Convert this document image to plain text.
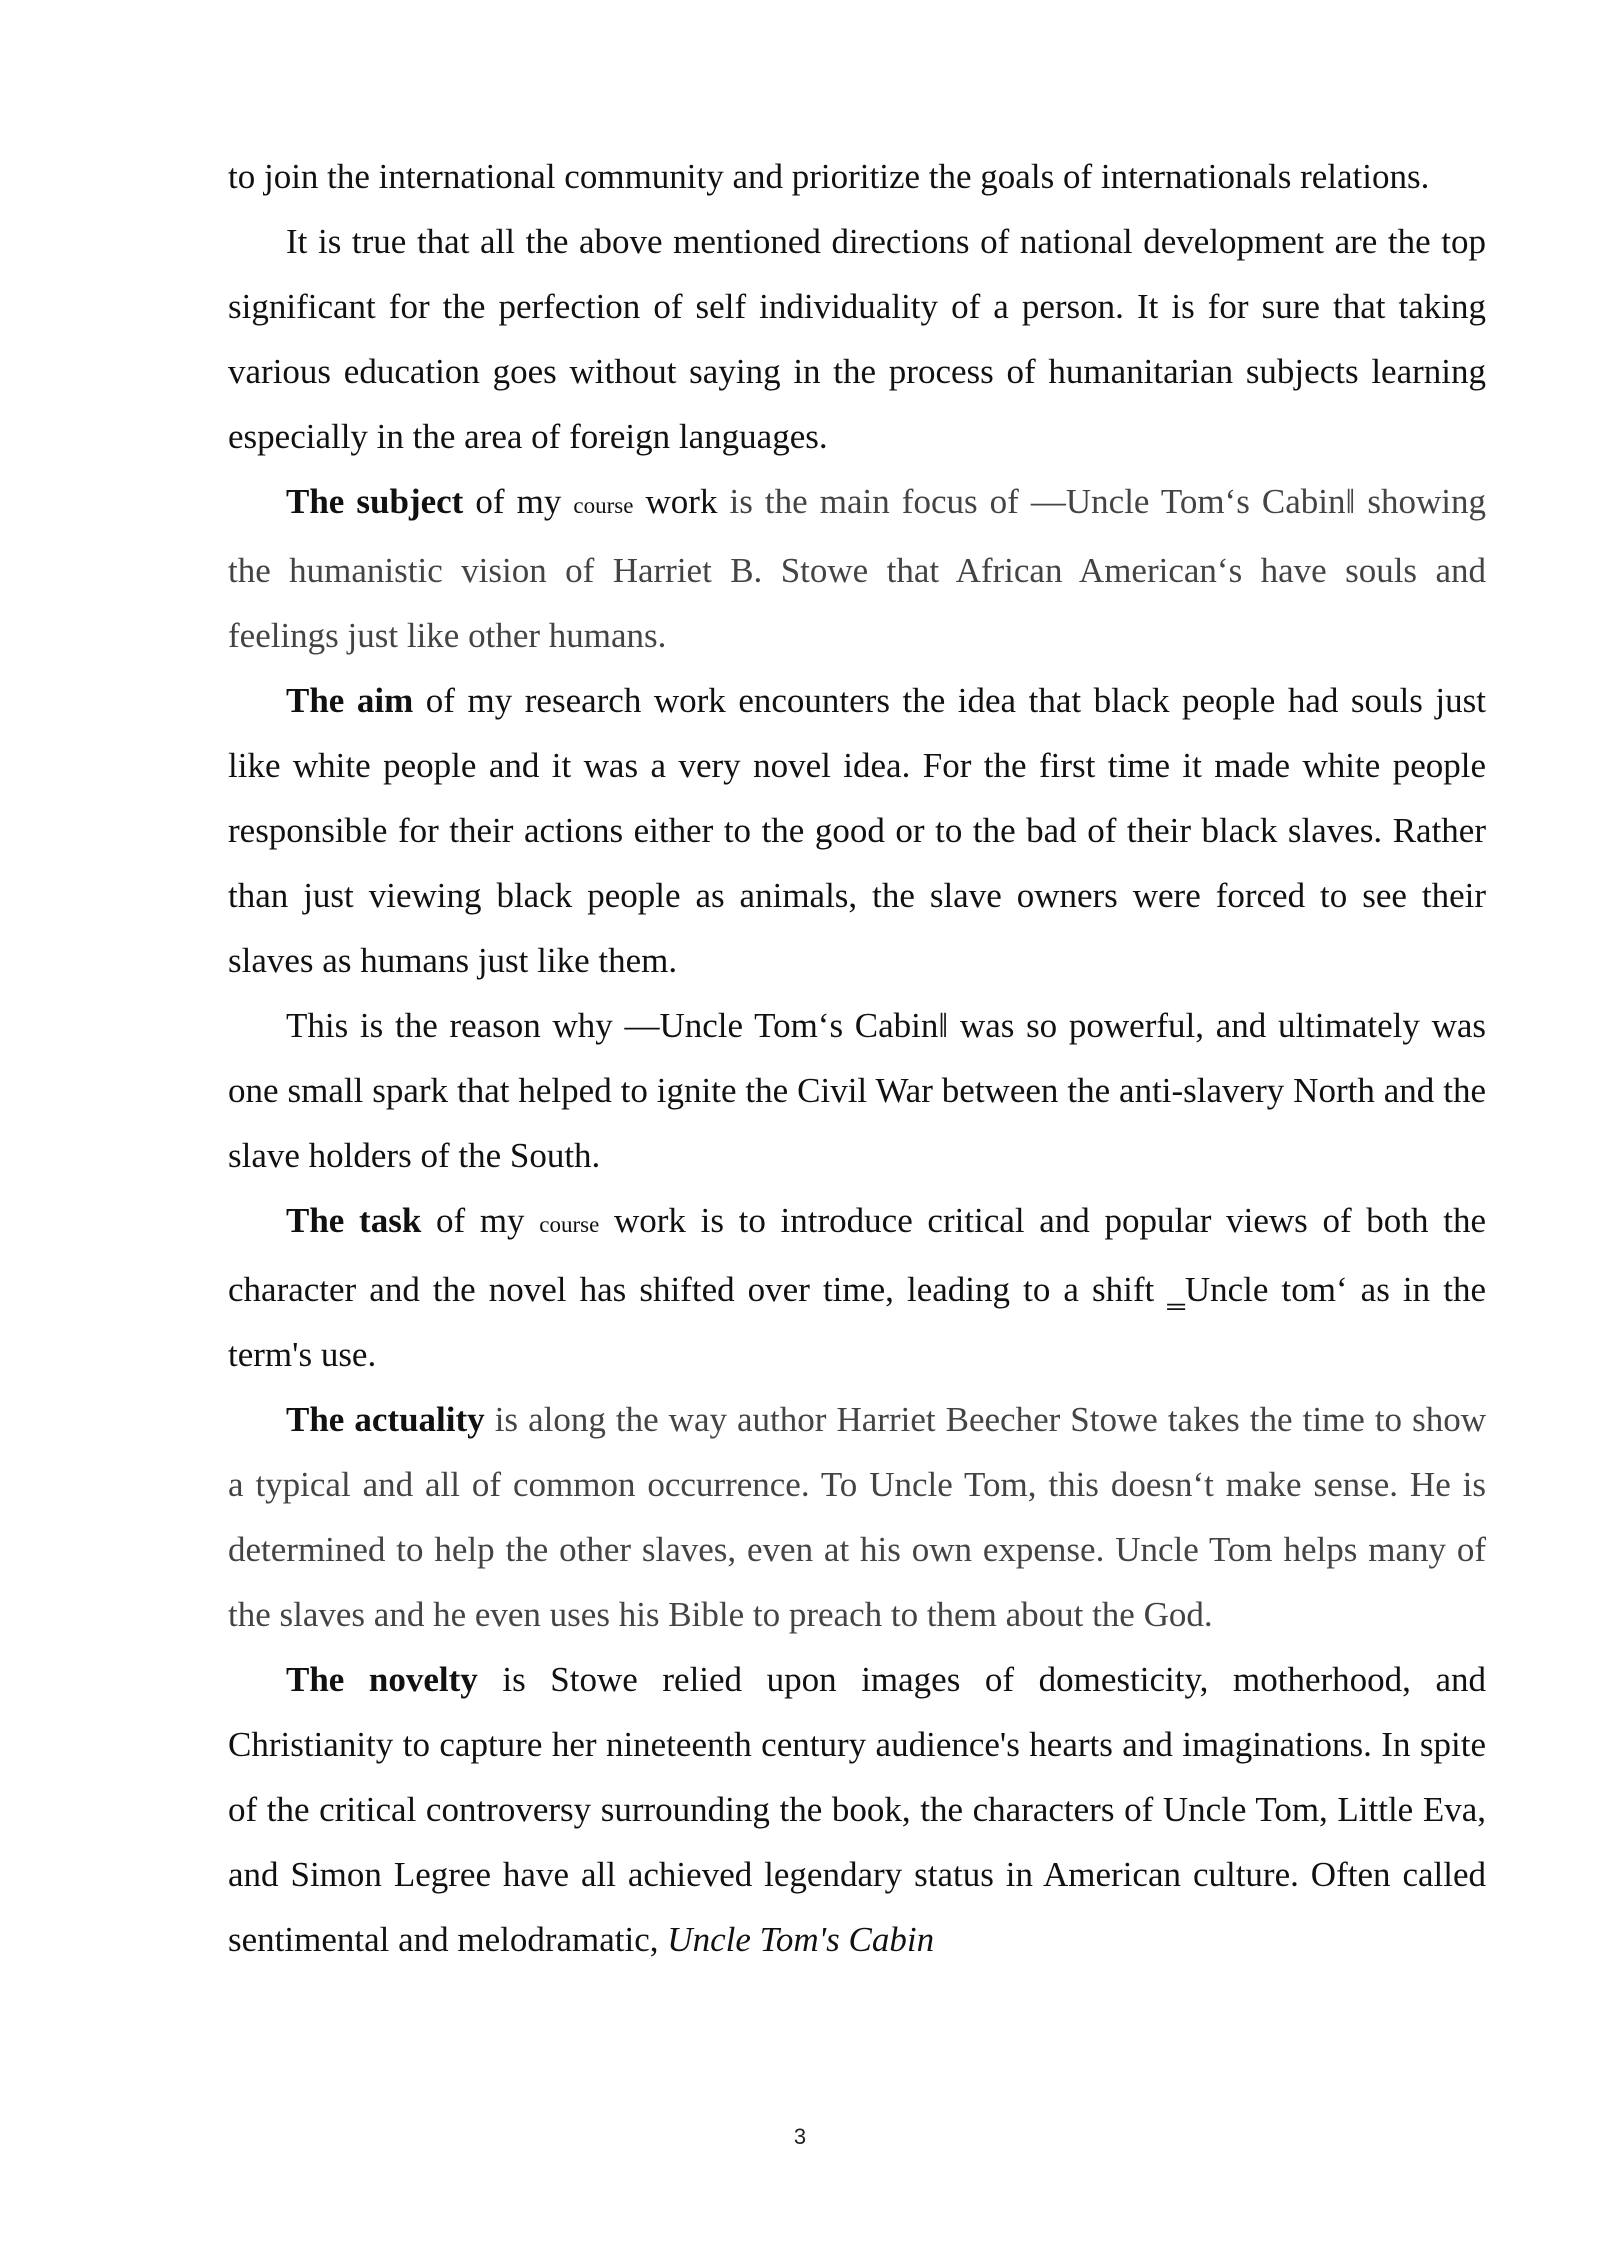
to join the international community and prioritize the goals of internationals relations.

It is true that all the above mentioned directions of national development are the top significant for the perfection of self individuality of a person. It is for sure that taking various education goes without saying in the process of humanitarian subjects learning especially in the area of foreign languages.

The subject of my course work is the main focus of —Uncle Tom‘s Cabin‖ showing the humanistic vision of Harriet B. Stowe that African American‘s have souls and feelings just like other humans.

The aim of my research work encounters the idea that black people had souls just like white people and it was a very novel idea. For the first time it made white people responsible for their actions either to the good or to the bad of their black slaves. Rather than just viewing black people as animals, the slave owners were forced to see their slaves as humans just like them.

This is the reason why —Uncle Tom‘s Cabin‖ was so powerful, and ultimately was one small spark that helped to ignite the Civil War between the anti-slavery North and the slave holders of the South.

The task of my course work is to introduce critical and popular views of both the character and the novel has shifted over time, leading to a shift ‗Uncle tom‘ as in the term's use.

The actuality is along the way author Harriet Beecher Stowe takes the time to show a typical and all of common occurrence. To Uncle Tom, this doesn‘t make sense. He is determined to help the other slaves, even at his own expense. Uncle Tom helps many of the slaves and he even uses his Bible to preach to them about the God.

The novelty is Stowe relied upon images of domesticity, motherhood, and Christianity to capture her nineteenth century audience's hearts and imaginations. In spite of the critical controversy surrounding the book, the characters of Uncle Tom, Little Eva, and Simon Legree have all achieved legendary status in American culture. Often called sentimental and melodramatic, Uncle Tom's Cabin

3
